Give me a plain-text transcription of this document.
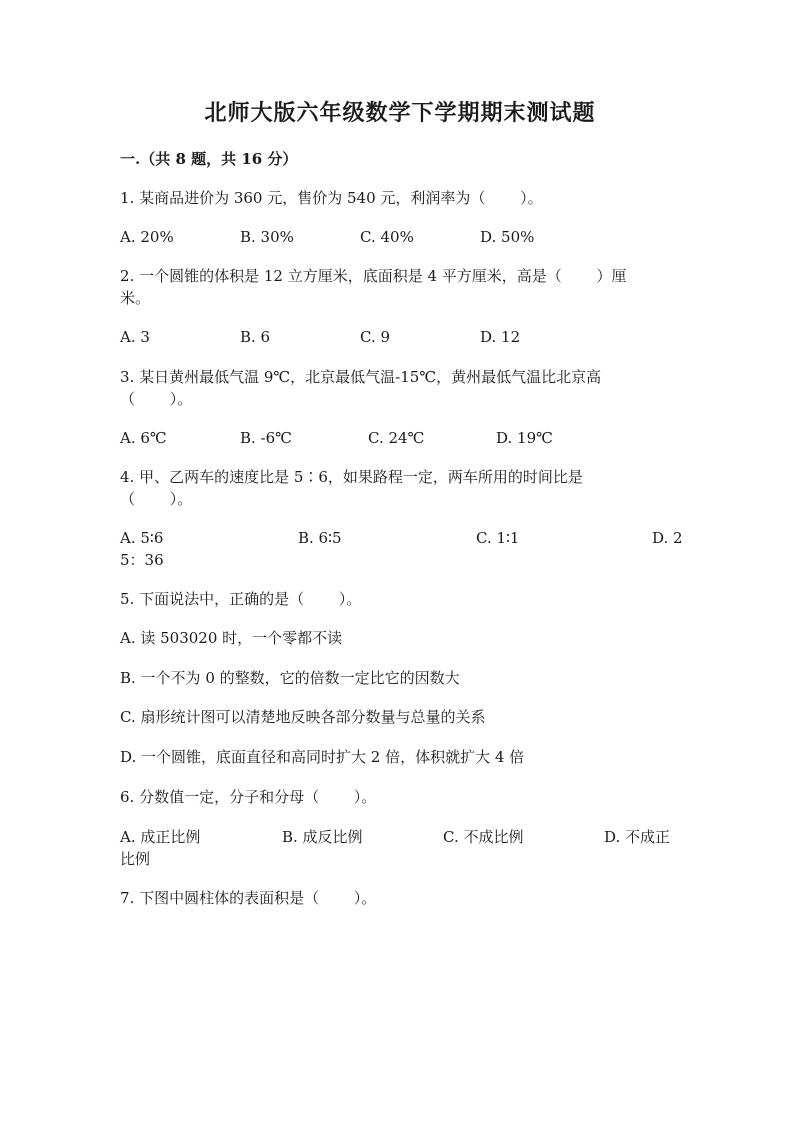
北师大版六年级数学下学期期末测试题
一.（共 8 题，共 16 分）
1. 某商品进价为 360 元，售价为 540 元，利润率为（　　 ）。
A. 20%	B. 30%	C. 40%	D. 50%
2. 一个圆锥的体积是 12 立方厘米，底面积是 4 平方厘米，高是（　　 ）厘
米。
A. 3	B. 6	C. 9	D. 12
3. 某日黄州最低气温 9℃，北京最低气温-15℃，黄州最低气温比北京高
（　　 ）。
A. 6℃	B. -6℃	C. 24℃	D. 19℃
4. 甲、乙两车的速度比是 5∶6，如果路程一定，两车所用的时间比是
（　　 ）。
A. 5∶6	B. 6∶5	C. 1∶1	D. 2
5：36
5. 下面说法中，正确的是（　　 ）。
A. 读 503020 时，一个零都不读
B. 一个不为 0 的整数，它的倍数一定比它的因数大
C. 扇形统计图可以清楚地反映各部分数量与总量的关系
D. 一个圆锥，底面直径和高同时扩大 2 倍，体积就扩大 4 倍
6. 分数值一定，分子和分母（　　 ）。
A. 成正比例	B. 成反比例	C. 不成比例	D. 不成正
比例
7. 下图中圆柱体的表面积是（　　 ）。
